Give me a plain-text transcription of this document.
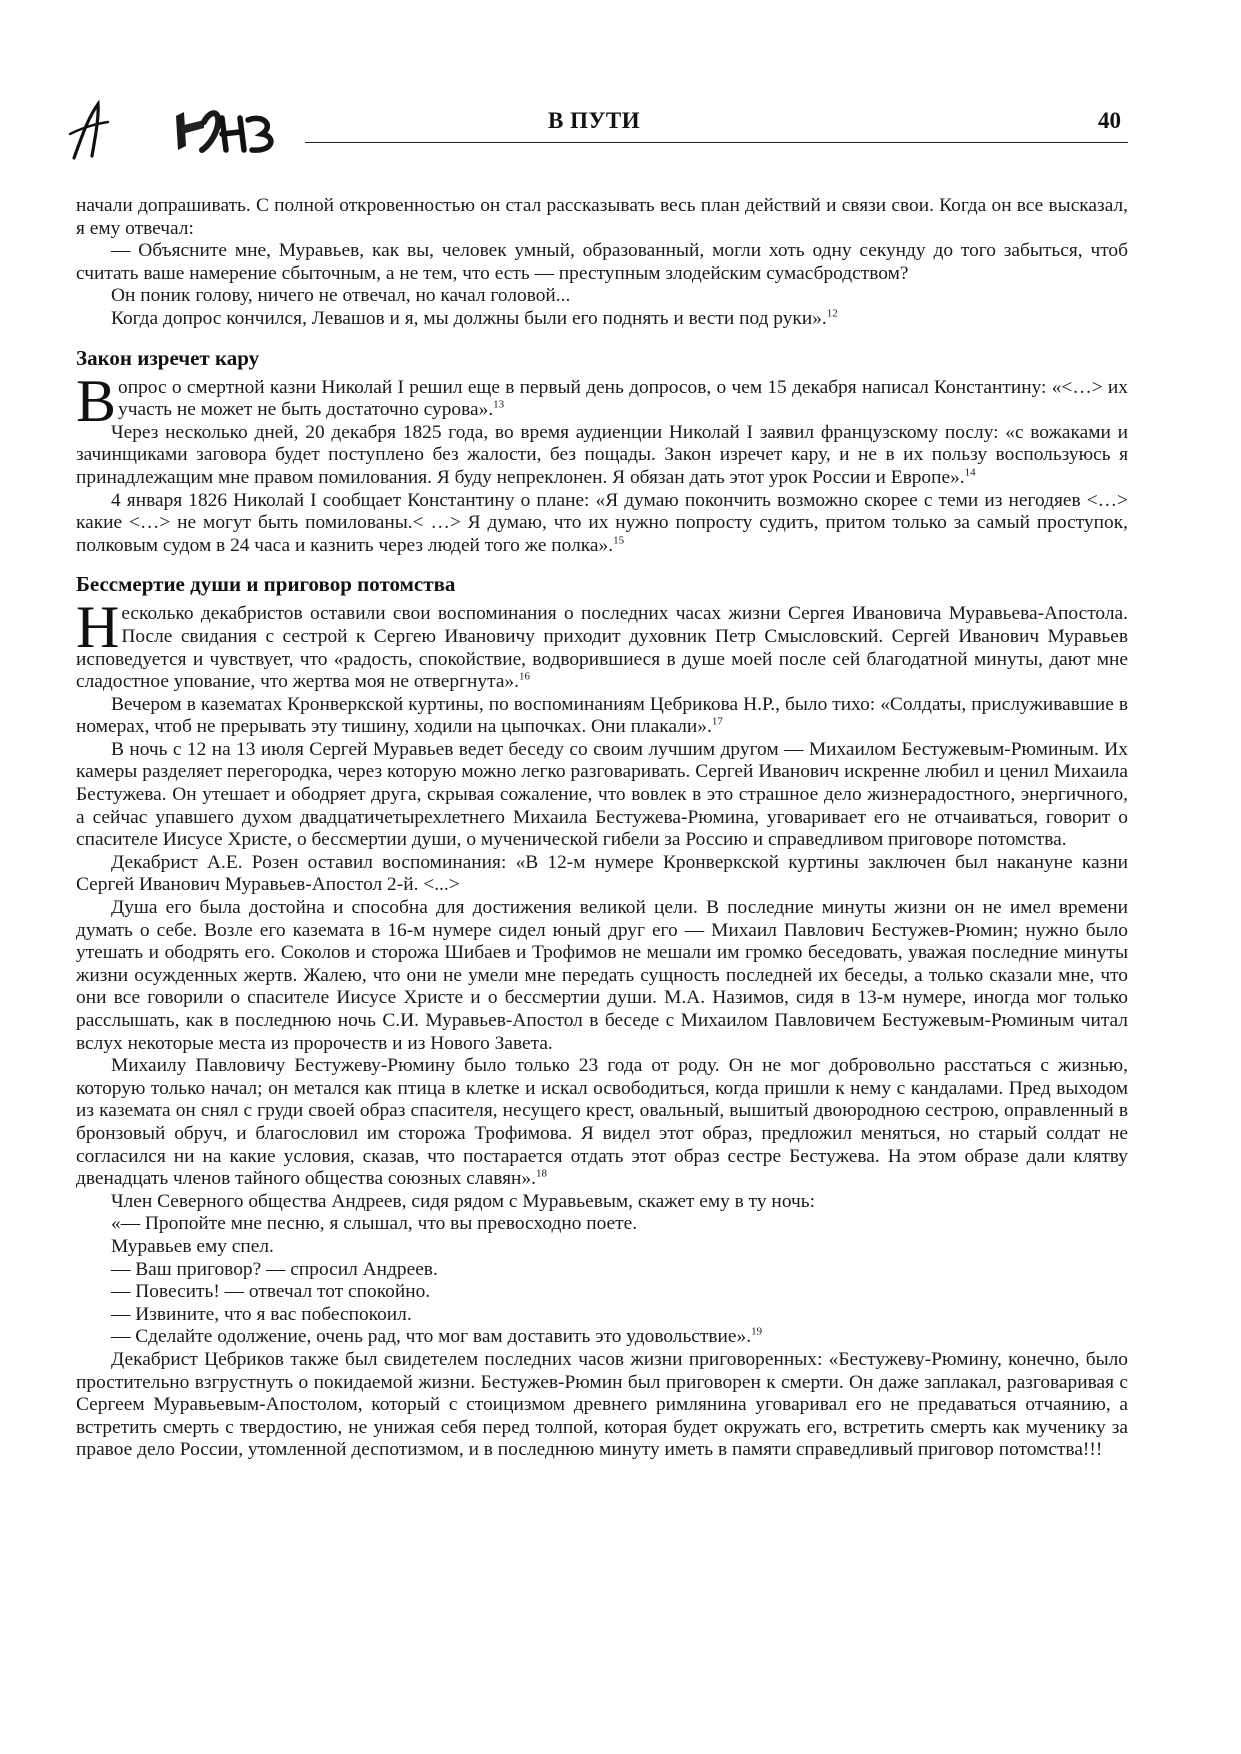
В ПУТИ	40

начали допрашивать. С полной откровенностью он стал рассказывать весь план действий и связи свои. Когда он все высказал, я ему отвечал:

— Объясните мне, Муравьев, как вы, человек умный, образованный, могли хоть одну секунду до того забыться, чтоб считать ваше намерение сбыточным, а не тем, что есть — преступным злодейским сумасбродством?

Он поник голову, ничего не отвечал, но качал головой...

Когда допрос кончился, Левашов и я, мы должны были его поднять и вести под руки».$^{12}$

Закон изречет кару

Вопрос о смертной казни Николай I решил еще в первый день допросов, о чем 15 декабря написал Константину: «<…> их участь не может не быть достаточно сурова».$^{13}$

Через несколько дней, 20 декабря 1825 года, во время аудиенции Николай I заявил французскому послу: «с вожаками и зачинщиками заговора будет поступлено без жалости, без пощады. Закон изречет кару, и не в их пользу воспользуюсь я принадлежащим мне правом помилования. Я буду непреклонен. Я обязан дать этот урок России и Европе».$^{14}$

4 января 1826 Николай I сообщает Константину о плане: «Я думаю покончить возможно скорее с теми из негодяев <…> какие <…> не могут быть помилованы.< …> Я думаю, что их нужно попросту судить, притом только за самый проступок, полковым судом в 24 часа и казнить через людей того же полка».$^{15}$

Бессмертие души и приговор потомства

Несколько декабристов оставили свои воспоминания о последних часах жизни Сергея Ивановича Муравьева-Апостола. После свидания с сестрой к Сергею Ивановичу приходит духовник Петр Смысловский. Сергей Иванович Муравьев исповедуется и чувствует, что «радость, спокойствие, водворившиеся в душе моей после сей благодатной минуты, дают мне сладостное упование, что жертва моя не отвергнута».$^{16}$

Вечером в казематах Кронверкской куртины, по воспоминаниям Цебрикова Н.Р., было тихо: «Солдаты, прислуживавшие в номерах, чтоб не прерывать эту тишину, ходили на цыпочках. Они плакали».$^{17}$

В ночь с 12 на 13 июля Сергей Муравьев ведет беседу со своим лучшим другом — Михаилом Бестужевым-Рюминым. Их камеры разделяет перегородка, через которую можно легко разговаривать. Сергей Иванович искренне любил и ценил Михаила Бестужева. Он утешает и ободряет друга, скрывая сожаление, что вовлек в это страшное дело жизнерадостного, энергичного, а сейчас упавшего духом двадцатичетырехлетнего Михаила Бестужева-Рюмина, уговаривает его не отчаиваться, говорит о спасителе Иисусе Христе, о бессмертии души, о мученической гибели за Россию и справедливом приговоре потомства.

Декабрист А.Е. Розен оставил воспоминания: «В 12-м нумере Кронверкской куртины заключен был накануне казни Сергей Иванович Муравьев-Апостол 2-й. <...>

Душа его была достойна и способна для достижения великой цели. В последние минуты жизни он не имел времени думать о себе. Возле его каземата в 16-м нумере сидел юный друг его — Михаил Павлович Бестужев-Рюмин; нужно было утешать и ободрять его. Соколов и сторожа Шибаев и Трофимов не мешали им громко беседовать, уважая последние минуты жизни осужденных жертв. Жалею, что они не умели мне передать сущность последней их беседы, а только сказали мне, что они все говорили о спасителе Иисусе Христе и о бессмертии души. М.А. Назимов, сидя в 13-м нумере, иногда мог только расслышать, как в последнюю ночь С.И. Муравьев-Апостол в беседе с Михаилом Павловичем Бестужевым-Рюминым читал вслух некоторые места из пророчеств и из Нового Завета.

Михаилу Павловичу Бестужеву-Рюмину было только 23 года от роду. Он не мог добровольно расстаться с жизнью, которую только начал; он метался как птица в клетке и искал освободиться, когда пришли к нему с кандалами. Пред выходом из каземата он снял с груди своей образ спасителя, несущего крест, овальный, вышитый двоюродною сестрою, оправленный в бронзовый обруч, и благословил им сторожа Трофимова. Я видел этот образ, предложил меняться, но старый солдат не согласился ни на какие условия, сказав, что постарается отдать этот образ сестре Бестужева. На этом образе дали клятву двенадцать членов тайного общества союзных славян».$^{18}$

Член Северного общества Андреев, сидя рядом с Муравьевым, скажет ему в ту ночь:

«— Пропойте мне песню, я слышал, что вы превосходно поете.

Муравьев ему спел.

— Ваш приговор? — спросил Андреев.

— Повесить! — отвечал тот спокойно.

— Извините, что я вас побеспокоил.

— Сделайте одолжение, очень рад, что мог вам доставить это удовольствие».$^{19}$

Декабрист Цебриков также был свидетелем последних часов жизни приговоренных: «Бестужеву-Рюмину, конечно, было простительно взгрустнуть о покидаемой жизни. Бестужев-Рюмин был приговорен к смерти. Он даже заплакал, разговаривая с Сергеем Муравьевым-Апостолом, который с стоицизмом древнего римлянина уговаривал его не предаваться отчаянию, а встретить смерть с твердостию, не унижая себя перед толпой, которая будет окружать его, встретить смерть как мученику за правое дело России, утомленной деспотизмом, и в последнюю минуту иметь в памяти справедливый приговор потомства!!!
